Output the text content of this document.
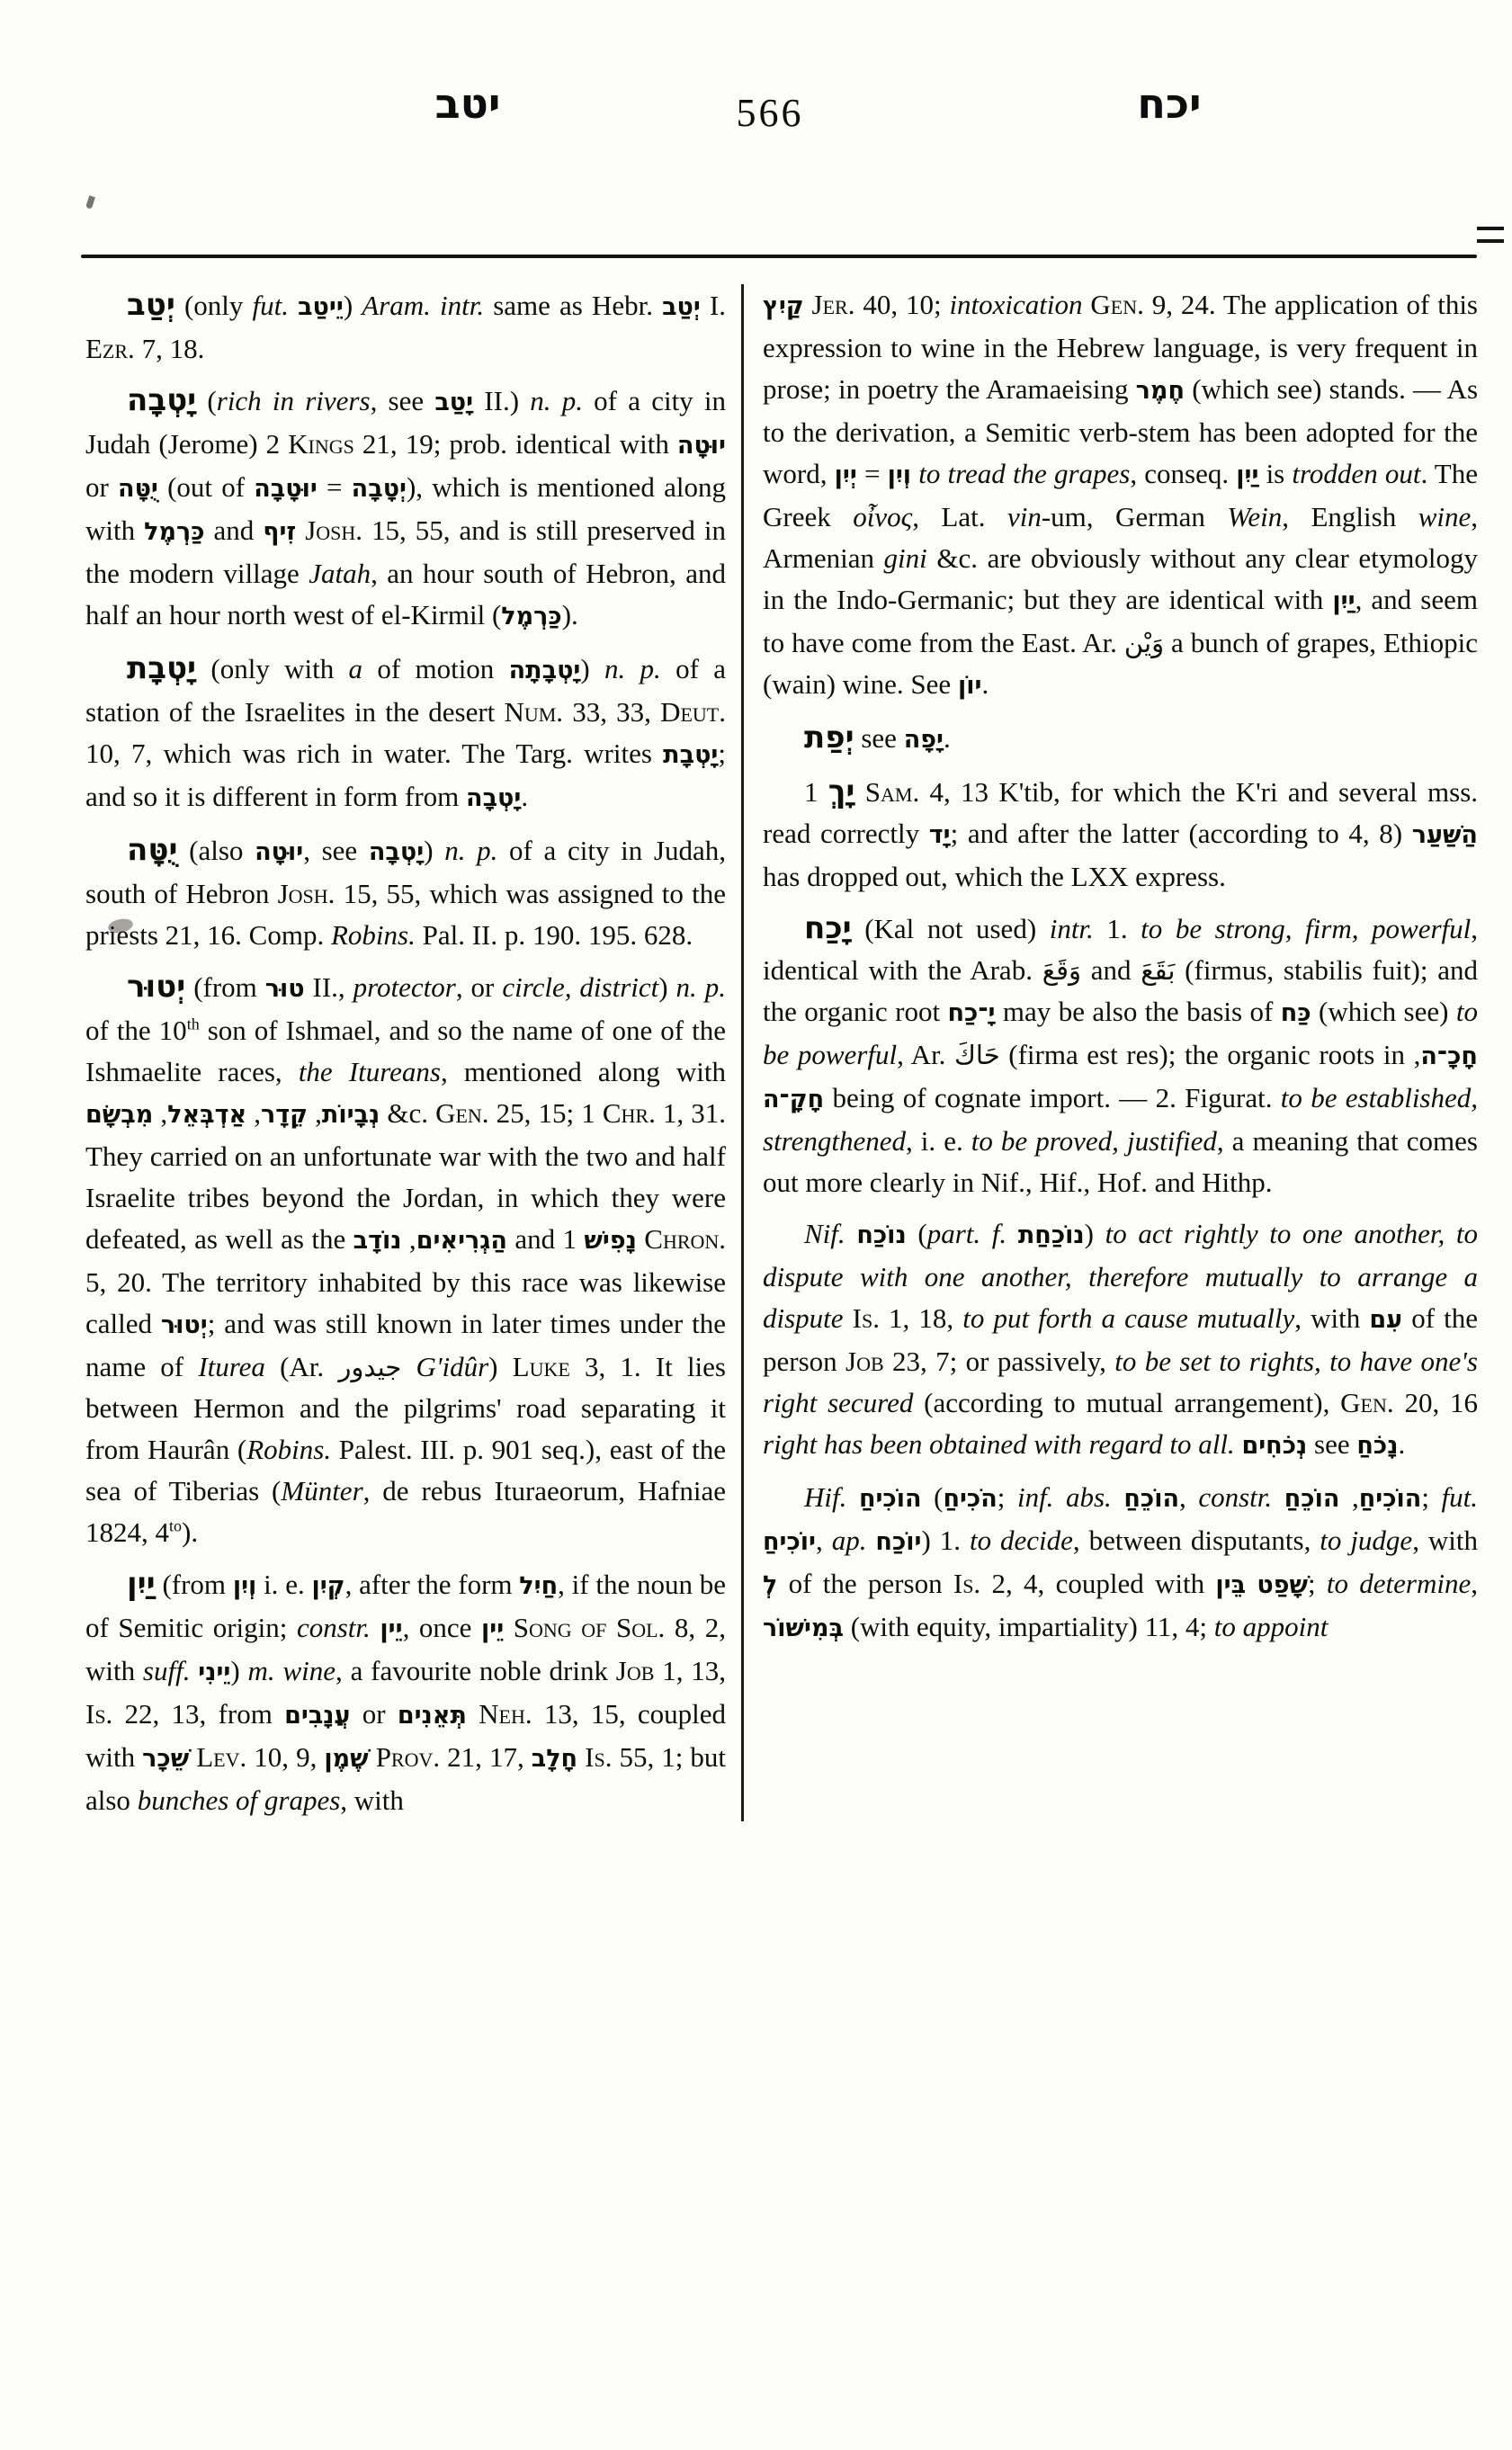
יטב	566	יכח

יְטַב (only fut. יֵיטַב) Aram. intr. same as Hebr. יְטַב I. Ezr. 7, 18.

יָטְבָה (rich in rivers, see יָטַב II.) n. p. of a city in Judah (Jerome) 2 Kings 21, 19; prob. identical with יוּטָה or יֻטָּה (out of	יְטָבָה = יוּטָבָה	), which is mentioned along with כַּרְמֶל and זִיף Josh. 15, 55, and is still preserved in the modern village Jatah, an hour south of Hebron, and half an hour north west of el-Kirmil (כַּרְמֶל).

יָטְבָת (only with a of motion יָטְבָתָה) n. p. of a station of the Israelites in the desert Num. 33, 33, Deut. 10, 7, which was rich in water. The Targ. writes יָטְבָת; and so it is different in form from יָטְבָה.

יֻטָּה (also יוּטָה, see יָטְבָה) n. p. of a city in Judah, south of Hebron Josh. 15, 55, which was assigned to the priests 21, 16. Comp. Robins. Pal. II. p. 190. 195. 628.

יְטוּר (from טוּר II., protector, or circle, district) n. p. of the 10th son of Ishmael, and so the name of one of the Ishmaelite races, the Itureans, mentioned along with נְבָיוֹת, קֵדָר, אַדְבְּאֵל, מִבְשָׂם	&c. Gen. 25, 15; 1 Chr. 1, 31. They carried on an unfortunate war with the two and half Israelite tribes beyond the Jordan, in which they were defeated, as well as the	הַגְרִיאִים, נוֹדָב	and נָפִישׁ 1 Chron. 5, 20. The territory inhabited by this race was likewise called יְטוּר; and was still known in later times under the name of Iturea (Ar. جيدور G'idûr) Luke 3, 1. It lies between Hermon and the pilgrims' road separating it from Haurân (Robins. Palest. III. p. 901 seq.), east of the sea of Tiberias (Münter, de rebus Ituraeorum, Hafniae 1824, $4^{to}$).

יַיִן (from וְיִן i. e. קְיִן, after the form חַיִל, if the noun be of Semitic origin; constr. יֵין, once יֵין Song of Sol. 8, 2, with suff. יֵינִי) m. wine, a favourite noble drink Job 1, 13, Is. 22, 13, from עֲנָבִים or תְּאֵנִים Neh. 13, 15, coupled with שֵׁכָר Lev. 10, 9, שֶׁמֶן Prov. 21, 17, חָלָב Is. 55, 1; but also bunches of grapes, with

קַיִץ Jer. 40, 10; intoxication Gen. 9, 24. The application of this expression to wine in the Hebrew language, is very frequent in prose; in poetry the Aramaeising חֶמֶר (which see) stands. — As to the derivation, a Semitic verb-stem has been adopted for the word, וְיִן = יְיִן to tread the grapes, conseq. יַיִן is trodden out. The Greek οἶνος, Lat. vin-um, German Wein, English wine, Armenian gini &c. are obviously without any clear etymology in the Indo-Germanic; but they are identical with יַיִן, and seem to have come from the East. Ar. وَيْن a bunch of grapes, Ethiopic (wain) wine. See יוֹן.

יְפַת see יָפָה.

יָךְ 1 Sam. 4, 13 K'tib, for which the K'ri and several mss. read correctly יָד; and after the latter (according to 4, 8) הַשַּׁעַר has dropped out, which the LXX express.

יָכַח (Kal not used) intr. 1. to be strong, firm, powerful, identical with the Arab. وَقَعَ and بَقَعَ (firmus, stabilis fuit); and the organic root יָ־כַח may be also the basis of כַּח (which see) to be powerful, Ar. حَاكَ (firma est res); the organic roots in חָכָ־ה, חָקָ־ה being of cognate import. — 2. Figurat. to be established, strengthened, i. e. to be proved, justified, a meaning that comes out more clearly in Nif., Hif., Hof. and Hithp.

Nif. נוֹכַח (part. f. נוֹכַחַת) to act rightly to one another, to dispute with one another, therefore mutually to arrange a dispute Is. 1, 18, to put forth a cause mutually, with עִם of the person Job 23, 7; or passively, to be set to rights, to have one's right secured (according to mutual arrangement), Gen. 20, 16 right has been obtained with regard to all. נְכֹחִים see נָכֹחַ.

Hif. הוֹכִיחַ (הֹכִיחַ; inf. abs. הוֹכֵחַ, constr.	הוֹכִיחַ, הוֹכֵחַ	; fut. יוֹכִיחַ, ap. יוֹכַח) 1. to decide, between disputants, to judge, with לְ of the person Is. 2, 4, coupled with שָׁפַט בֵּין ; to determine, בְּמִישׁוֹר (with equity, impartiality) 11, 4; to appoint
